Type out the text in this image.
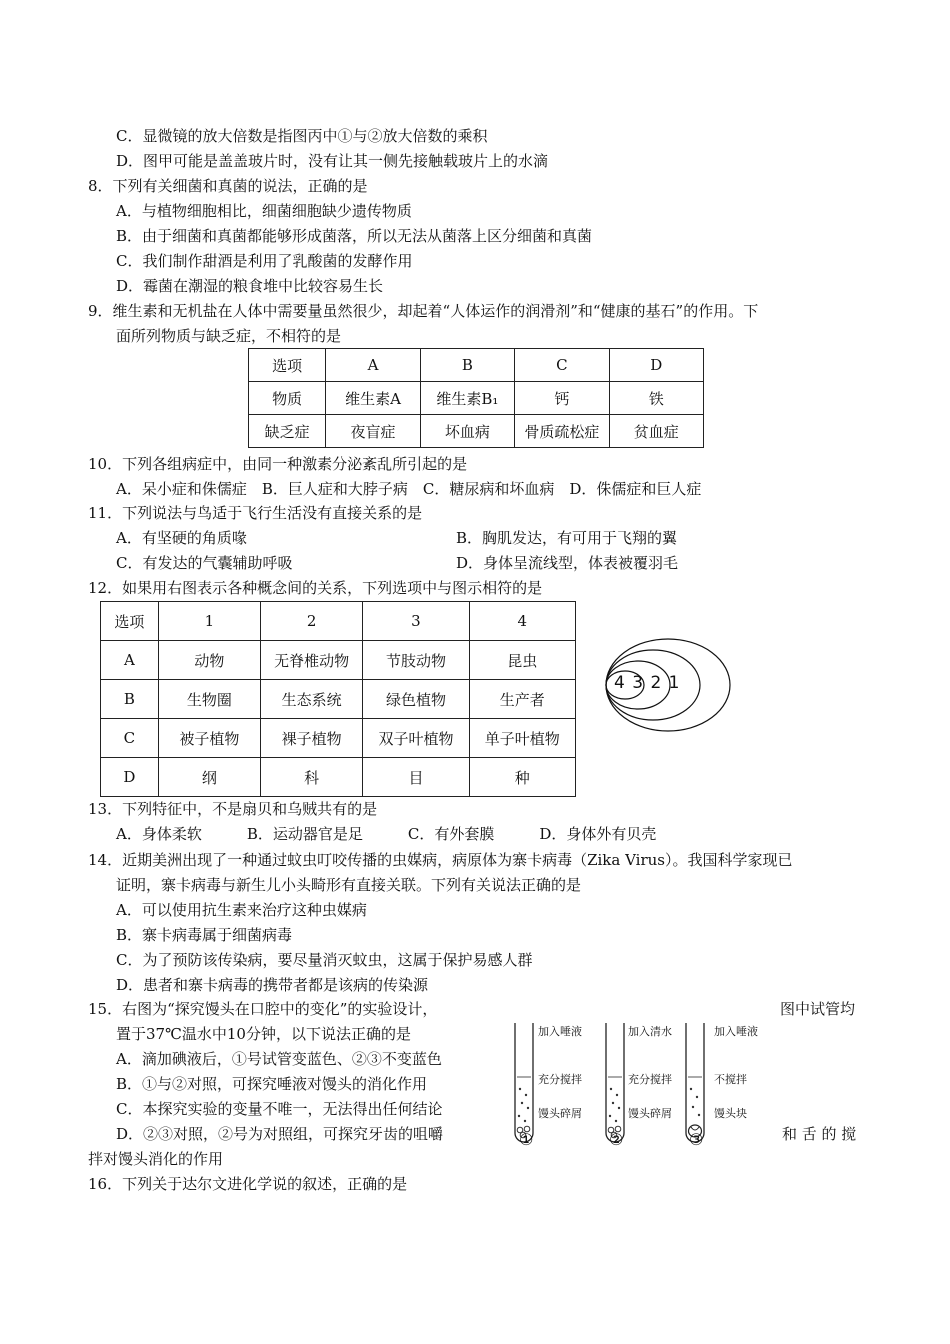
C．显微镜的放大倍数是指图丙中①与②放大倍数的乘积
D．图甲可能是盖盖玻片时，没有让其一侧先接触载玻片上的水滴
8．下列有关细菌和真菌的说法，正确的是
A．与植物细胞相比，细菌细胞缺少遗传物质
B．由于细菌和真菌都能够形成菌落，所以无法从菌落上区分细菌和真菌
C．我们制作甜酒是利用了乳酸菌的发酵作用
D．霉菌在潮湿的粮食堆中比较容易生长
9．维生素和无机盐在人体中需要量虽然很少，却起着“人体运作的润滑剂”和“健康的基石”的作用。下
面所列物质与缺乏症，不相符的是
选项	A	B	C	D
物质	维生素A	维生素B₁	钙	铁
缺乏症	夜盲症	坏血病	骨质疏松症	贫血症
10．下列各组病症中，由同一种激素分泌紊乱所引起的是
A．呆小症和侏儒症　B．巨人症和大脖子病　C．糖尿病和坏血病　D．侏儒症和巨人症
11．下列说法与鸟适于飞行生活没有直接关系的是
A．有坚硬的角质喙	B．胸肌发达，有可用于飞翔的翼
C．有发达的气囊辅助呼吸	D．身体呈流线型，体表被覆羽毛
12．如果用右图表示各种概念间的关系，下列选项中与图示相符的是
选项	1	2	3	4
A	动物	无脊椎动物	节肢动物	昆虫
B	生物圈	生态系统	绿色植物	生产者
C	被子植物	裸子植物	双子叶植物	单子叶植物
D	纲	科	目	种
4 3 2 1
13．下列特征中，不是扇贝和乌贼共有的是
A．身体柔软　　　B．运动器官是足　　　C．有外套膜　　　D．身体外有贝壳
14．近期美洲出现了一种通过蚊虫叮咬传播的虫媒病，病原体为寨卡病毒（Zika Virus）。我国科学家现已
证明，寨卡病毒与新生儿小头畸形有直接关联。下列有关说法正确的是
A．可以使用抗生素来治疗这种虫媒病
B．寨卡病毒属于细菌病毒
C．为了预防该传染病，要尽量消灭蚊虫，这属于保护易感人群
D．患者和寨卡病毒的携带者都是该病的传染源
15．右图为“探究馒头在口腔中的变化”的实验设计，	图中试管均
置于37℃温水中10分钟，以下说法正确的是
A．滴加碘液后，①号试管变蓝色、②③不变蓝色
B．①与②对照，可探究唾液对馒头的消化作用
C．本探究实验的变量不唯一，无法得出任何结论
D．②③对照，②号为对照组，可探究牙齿的咀嚼	和 舌 的 搅
拌对馒头消化的作用
加入唾液
充分搅拌
馒头碎屑
①
加入清水
充分搅拌
馒头碎屑
②
加入唾液
不搅拌
馒头块
③
16．下列关于达尔文进化学说的叙述，正确的是
